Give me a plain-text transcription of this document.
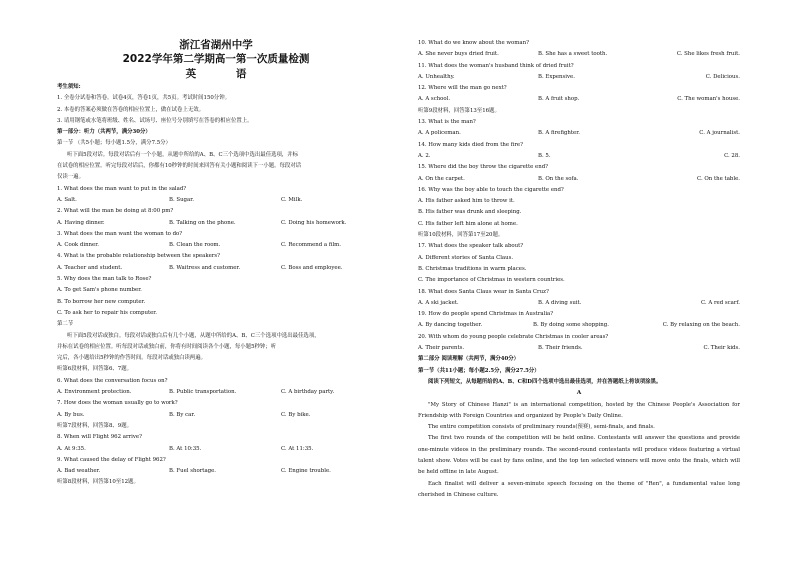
浙江省湖州中学
2022学年第二学期高一第一次质量检测
英 语
考生须知:
1. 全卷分试卷和答卷。试卷4页，答卷1页，共5页。考试时间150分钟。
2. 本卷的答案必须做在答卷的相应位置上，做在试卷上无效。
3. 请用钢笔或水笔将班级、姓名、试场号、座位号分别填写在答卷的相应位置上。
第一部分：听力（共两节，满分30分）
第一节 （共5小题；每小题1.5分，满分7.5分）
听下面5段对话。每段对话后有一个小题，从题中所给的A、B、C三个选项中选出最佳选项，并标
在试卷的相应位置。听完每段对话后，你都有10秒钟的时间来回答有关小题和阅读下一小题。每段对话
仅读一遍。
1. What does the man want to put in the salad?
A. Salt.	B. Sugar.	C. Milk.
2. What will the man be doing at 8:00 pm?
A. Having dinner.	B. Talking on the phone.	C. Doing his homework.
3. What does the man want the woman to do?
A. Cook dinner.	B. Clean the room.	C. Recommend a film.
4. What is the probable relationship between the speakers?
A. Teacher and student.	B. Waitress and customer.	C. Boss and employee.
5. Why does the man talk to Rose?
A. To get Sam's phone number.
B. To borrow her new computer.
C. To ask her to repair his computer.
第二节
听下面5段对话或独白。每段对话或独白后有几个小题，从题中所给的A、B、C三个选项中选出最佳选项，
并标在试卷的相应位置。听每段对话或独白前，你将有时间阅读各个小题，每小题5秒钟；听
完后，各小题给出5秒钟的作答时间。每段对话或独白读两遍。
听第6段材料，回答第6、7题。
6. What does the conversation focus on?
A. Environment protection.	B. Public transportation.	C. A birthday party.
7. How does the woman usually go to work?
A. By bus.	B. By car.	C. By bike.
听第7段材料，回答第8、9题。
8. When will Flight 962 arrive?
A. At 9:35.	B. At 10:35.	C. At 11:35.
9. What caused the delay of Flight 962?
A. Bad weather.	B. Fuel shortage.	C. Engine trouble.
听第8段材料，回答第10至12题。
10. What do we know about the woman?
A. She never buys dried fruit.	B. She has a sweet tooth.	C. She likes fresh fruit.
11. What does the woman's husband think of dried fruit?
A. Unhealthy.	B. Expensive.	C. Delicious.
12. Where will the man go next?
A. A school.	B. A fruit shop.	C. The woman's house.
听第9段材料，回答第13至16题。
13. What is the man?
A. A policeman.	B. A firefighter.	C. A journalist.
14. How many kids died from the fire?
A. 2.	B. 5.	C. 28.
15. Where did the boy throw the cigarette end?
A. On the carpet.	B. On the sofa.	C. On the table.
16. Why was the boy able to touch the cigarette end?
A. His father asked him to throw it.
B. His father was drunk and sleeping.
C. His father left him alone at home.
听第10段材料，回答第17至20题。
17. What does the speaker talk about?
A. Different stories of Santa Claus.
B. Christmas traditions in warm places.
C. The importance of Christmas in western countries.
18. What does Santa Claus wear in Santa Cruz?
A. A ski jacket.	B. A diving suit.	C. A red scarf.
19. How do people spend Christmas in Australia?
A. By dancing together.	B. By doing some shopping.	C. By relaxing on the beach.
20. With whom do young people celebrate Christmas in cooler areas?
A. Their parents.	B. Their friends.	C. Their kids.
第二部分 阅读理解（共两节，满分40分）
第一节（共11小题；每小题2.5分，满分27.5分）
阅读下列短文，从每题所给的A、B、C和D四个选项中选出最佳选项，并在答题纸上将该项涂黑。
A
"My Story of Chinese Hanzi" is an international competition, hosted by the Chinese People's Association for Friendship with Foreign Countries and organized by People's Daily Online.
The entire competition consists of preliminary rounds(预赛), semi-finals, and finals.
The first two rounds of the competition will be held online. Contestants will answer the questions and provide one-minute videos in the preliminary rounds. The second-round contestants will produce videos featuring a virtual talent show. Votes will be cast by fans online, and the top ten selected winners will move onto the finals, which will be held offline in late August.
Each finalist will deliver a seven-minute speech focusing on the theme of "Ren", a fundamental value long cherished in Chinese culture.
